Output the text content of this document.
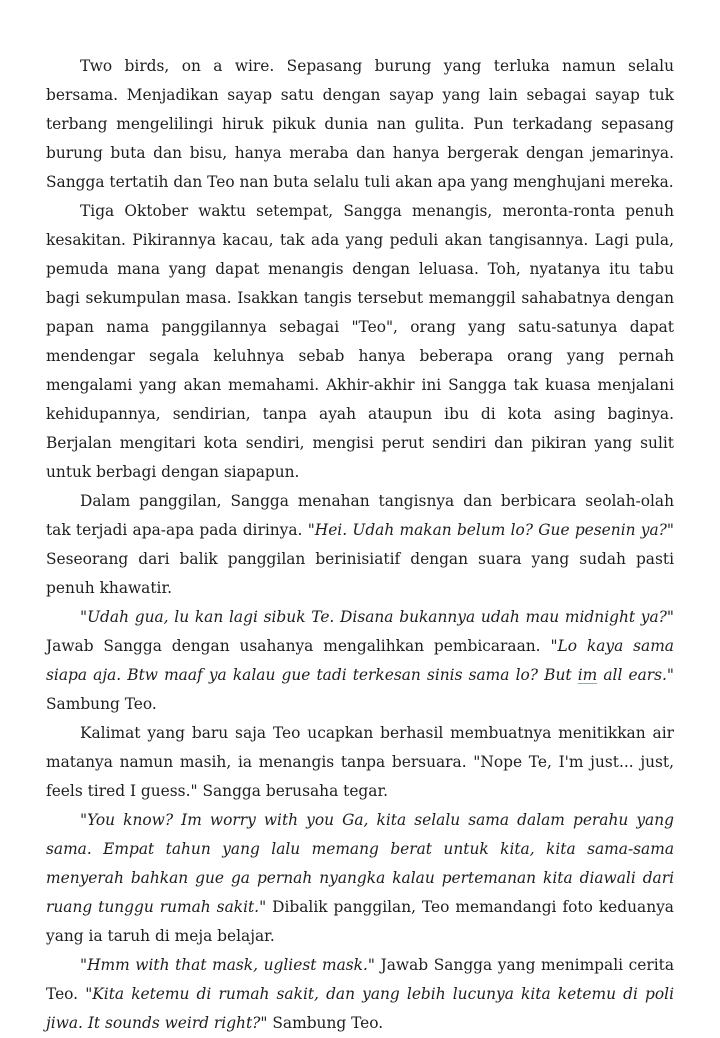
Two birds, on a wire. Sepasang burung yang terluka namun selalu bersama. Menjadikan sayap satu dengan sayap yang lain sebagai sayap tuk terbang mengelilingi hiruk pikuk dunia nan gulita. Pun terkadang sepasang burung buta dan bisu, hanya meraba dan hanya bergerak dengan jemarinya. Sangga tertatih dan Teo nan buta selalu tuli akan apa yang menghujani mereka.

Tiga Oktober waktu setempat, Sangga menangis, meronta-ronta penuh kesakitan. Pikirannya kacau, tak ada yang peduli akan tangisannya. Lagi pula, pemuda mana yang dapat menangis dengan leluasa. Toh, nyatanya itu tabu bagi sekumpulan masa. Isakkan tangis tersebut memanggil sahabatnya dengan papan nama panggilannya sebagai "Teo", orang yang satu-satunya dapat mendengar segala keluhnya sebab hanya beberapa orang yang pernah mengalami yang akan memahami. Akhir-akhir ini Sangga tak kuasa menjalani kehidupannya, sendirian, tanpa ayah ataupun ibu di kota asing baginya. Berjalan mengitari kota sendiri, mengisi perut sendiri dan pikiran yang sulit untuk berbagi dengan siapapun.

Dalam panggilan, Sangga menahan tangisnya dan berbicara seolah-olah tak terjadi apa-apa pada dirinya. "Hei. Udah makan belum lo? Gue pesenin ya?" Seseorang dari balik panggilan berinisiatif dengan suara yang sudah pasti penuh khawatir.

"Udah gua, lu kan lagi sibuk Te. Disana bukannya udah mau midnight ya?" Jawab Sangga dengan usahanya mengalihkan pembicaraan. "Lo kaya sama siapa aja. Btw maaf ya kalau gue tadi terkesan sinis sama lo? But im all ears." Sambung Teo.

Kalimat yang baru saja Teo ucapkan berhasil membuatnya menitikkan air matanya namun masih, ia menangis tanpa bersuara. "Nope Te, I'm just... just, feels tired I guess." Sangga berusaha tegar.

"You know? Im worry with you Ga, kita selalu sama dalam perahu yang sama. Empat tahun yang lalu memang berat untuk kita, kita sama-sama menyerah bahkan gue ga pernah nyangka kalau pertemanan kita diawali dari ruang tunggu rumah sakit." Dibalik panggilan, Teo memandangi foto keduanya yang ia taruh di meja belajar.

"Hmm with that mask, ugliest mask." Jawab Sangga yang menimpali cerita Teo. "Kita ketemu di rumah sakit, dan yang lebih lucunya kita ketemu di poli jiwa. It sounds weird right?" Sambung Teo.
